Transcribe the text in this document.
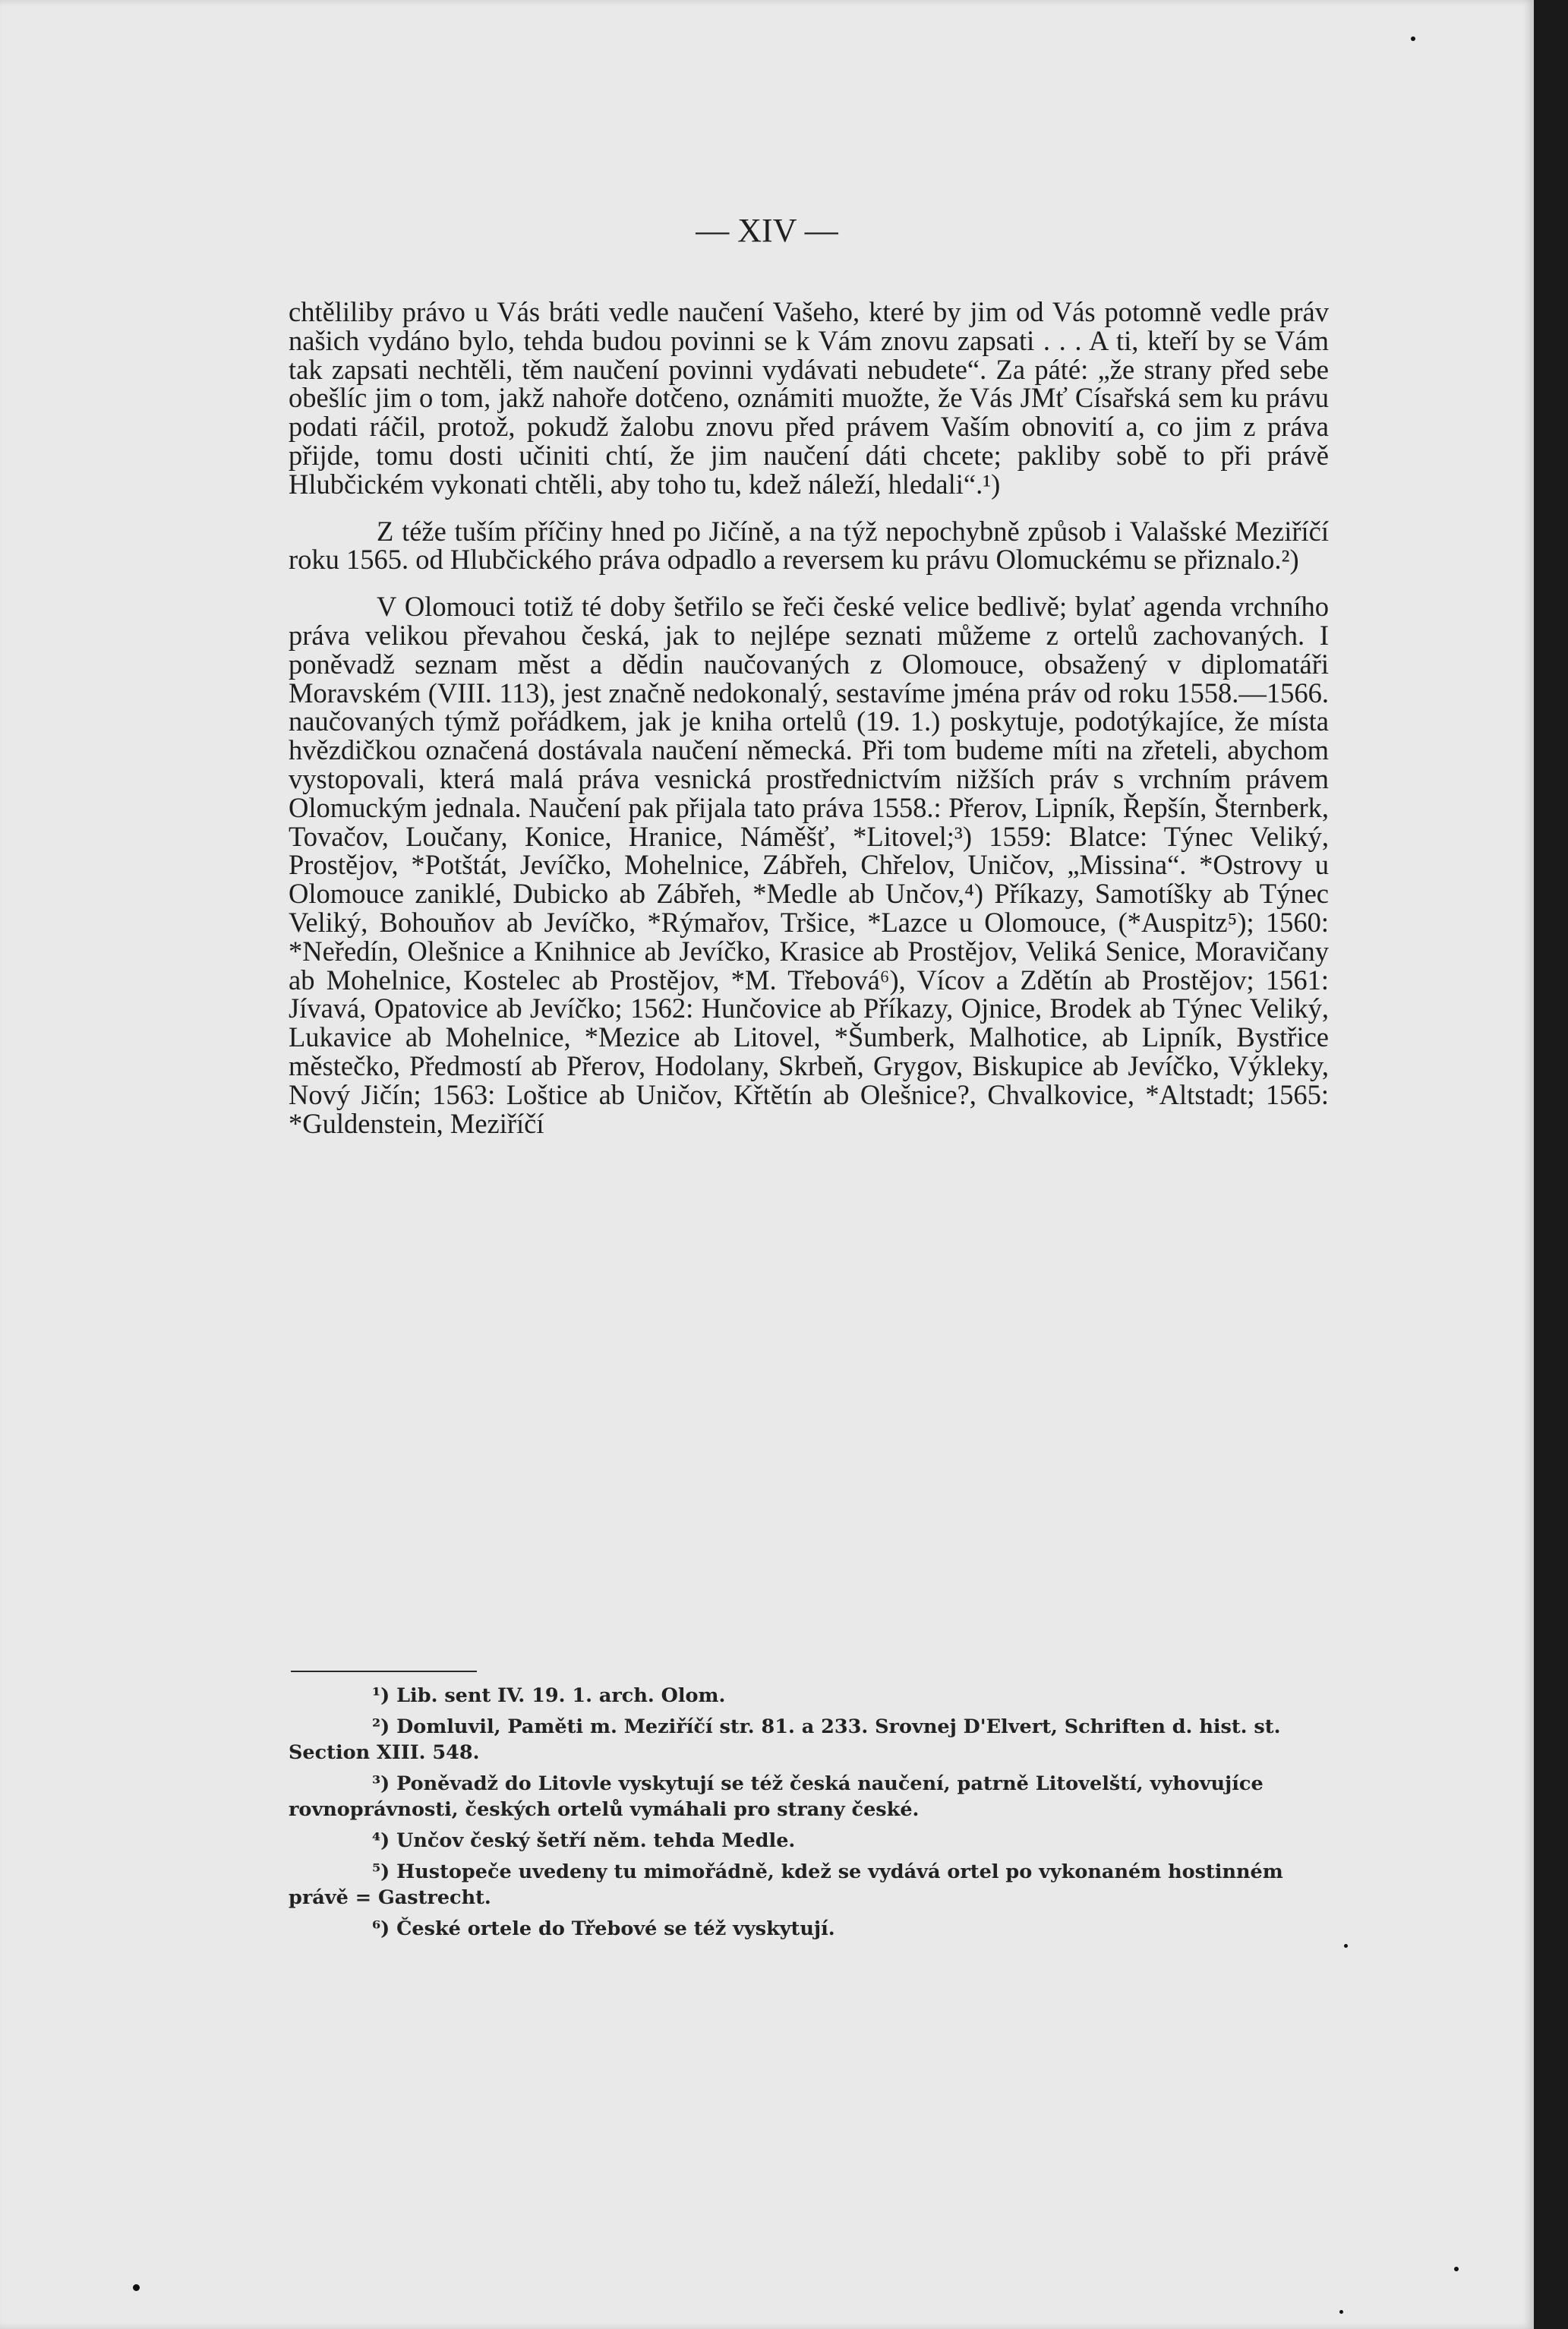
— XIV —

chtěliliby právo u Vás bráti vedle naučení Vašeho, které by jim od Vás potomně vedle práv našich vydáno bylo, tehda budou povinni se k Vám znovu zapsati . . . A ti, kteří by se Vám tak zapsati nechtěli, těm naučení povinni vydávati nebudete“. Za páté: „že strany před sebe obešlíc jim o tom, jakž nahoře dotčeno, oznámiti muožte, že Vás JMť Císařská sem ku právu podati ráčil, protož, pokudž žalobu znovu před právem Vaším obnovití a, co jim z práva přijde, tomu dosti učiniti chtí, že jim naučení dáti chcete; pakliby sobě to při právě Hlubčickém vykonati chtěli, aby toho tu, kdež náleží, hledali“.¹)

Z téže tuším příčiny hned po Jičíně, a na týž nepochybně způsob i Valašské Meziříčí roku 1565. od Hlubčického práva odpadlo a reversem ku právu Olomuckému se přiznalo.²)

V Olomouci totiž té doby šetřilo se řeči české velice bedlivě; bylať agenda vrchního práva velikou převahou česká, jak to nejlépe seznati můžeme z ortelů zachovaných. I poněvadž seznam měst a dědin naučovaných z Olomouce, obsažený v diplomatáři Moravském (VIII. 113), jest značně nedokonalý, sestavíme jména práv od roku 1558.—1566. naučovaných týmž pořádkem, jak je kniha ortelů (19. 1.) poskytuje, podotýkajíce, že místa hvězdičkou označená dostávala naučení německá. Při tom budeme míti na zřeteli, abychom vystopovali, která malá práva vesnická prostřednictvím nižších práv s vrchním právem Olomuckým jednala. Naučení pak přijala tato práva 1558.: Přerov, Lipník, Řepšín, Šternberk, Tovačov, Loučany, Konice, Hranice, Náměšť, *Litovel;³) 1559: Blatce: Týnec Veliký, Prostějov, *Potštát, Jevíčko, Mohelnice, Zábřeh, Chřelov, Uničov, „Missina“. *Ostrovy u Olomouce zaniklé, Dubicko ab Zábřeh, *Medle ab Unčov,⁴) Příkazy, Samotíšky ab Týnec Veliký, Bohouňov ab Jevíčko, *Rýmařov, Tršice, *Lazce u Olomouce, (*Auspitz⁵); 1560: *Neředín, Olešnice a Knihnice ab Jevíčko, Krasice ab Prostějov, Veliká Senice, Moravičany ab Mohelnice, Kostelec ab Prostějov, *M. Třebová⁶), Vícov a Zdětín ab Prostějov; 1561: Jívavá, Opatovice ab Jevíčko; 1562: Hunčovice ab Příkazy, Ojnice, Brodek ab Týnec Veliký, Lukavice ab Mohelnice, *Mezice ab Litovel, *Šumberk, Malhotice, ab Lipník, Bystřice městečko, Předmostí ab Přerov, Hodolany, Skrbeň, Grygov, Biskupice ab Jevíčko, Výkleky, Nový Jičín; 1563: Loštice ab Uničov, Křtětín ab Olešnice?, Chvalkovice, *Altstadt; 1565: *Guldenstein, Meziříčí

¹) Lib. sent IV. 19. 1. arch. Olom.

²) Domluvil, Paměti m. Meziříčí str. 81. a 233. Srovnej D'Elvert, Schriften d. hist. st. Section XIII. 548.

³) Poněvadž do Litovle vyskytují se též česká naučení, patrně Litovelští, vyhovujíce rovnoprávnosti, českých ortelů vymáhali pro strany české.

⁴) Unčov český šetří něm. tehda Medle.

⁵) Hustopeče uvedeny tu mimořádně, kdež se vydává ortel po vykonaném hostinném právě = Gastrecht.

⁶) České ortele do Třebové se též vyskytují.
